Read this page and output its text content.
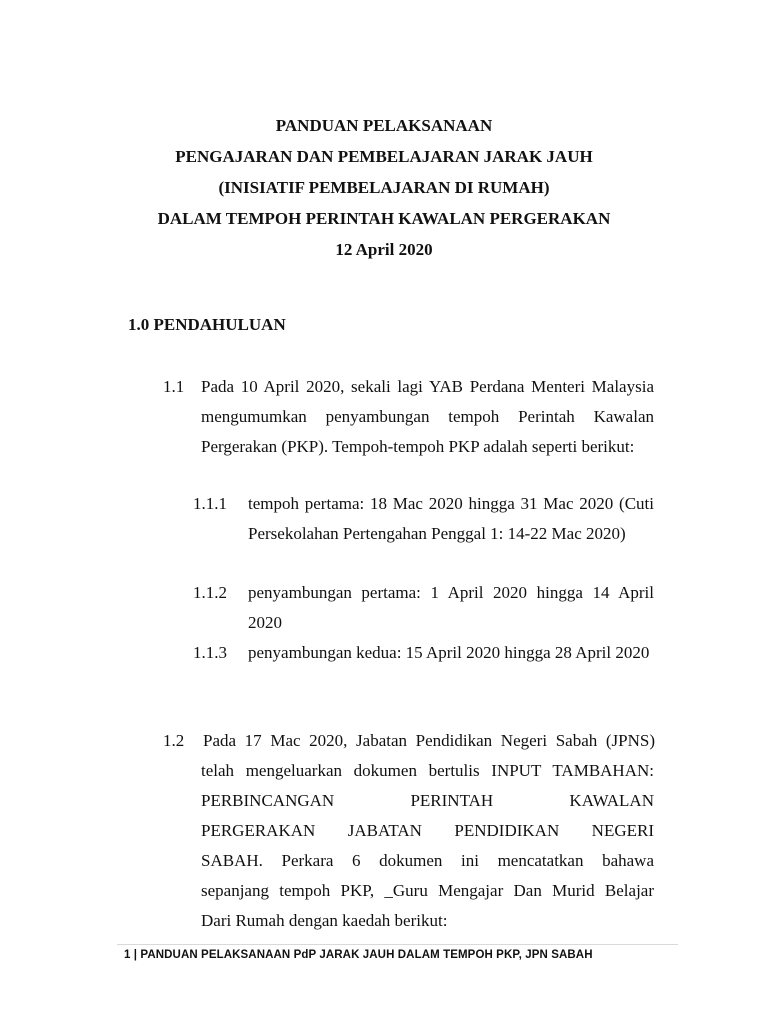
PANDUAN PELAKSANAAN

PENGAJARAN DAN PEMBELAJARAN JARAK JAUH

(INISIATIF PEMBELAJARAN DI RUMAH)

DALAM TEMPOH PERINTAH KAWALAN PERGERAKAN

12 April 2020

1.0 PENDAHULUAN
1.1 Pada 10 April 2020, sekali lagi YAB Perdana Menteri Malaysia mengumumkan penyambungan tempoh Perintah Kawalan Pergerakan (PKP). Tempoh-tempoh PKP adalah seperti berikut:
1.1.1 tempoh pertama: 18 Mac 2020 hingga 31 Mac 2020 (Cuti Persekolahan Pertengahan Penggal 1: 14-22 Mac 2020)
1.1.2 penyambungan pertama: 1 April 2020 hingga 14 April 2020
1.1.3 penyambungan kedua: 15 April 2020 hingga 28 April 2020
1.2 Pada 17 Mac 2020, Jabatan Pendidikan Negeri Sabah (JPNS)
telah mengeluarkan dokumen bertulis INPUT TAMBAHAN:
PERBINCANGAN PERINTAH KAWALAN
PERGERAKAN JABATAN PENDIDIKAN NEGERI
SABAH. Perkara 6 dokumen ini mencatatkan bahawa
sepanjang tempoh PKP, _Guru Mengajar Dan Murid Belajar
Dari Rumah dengan kaedah berikut:
1 | PANDUAN PELAKSANAAN PdP JARAK JAUH DALAM TEMPOH PKP, JPN SABAH
